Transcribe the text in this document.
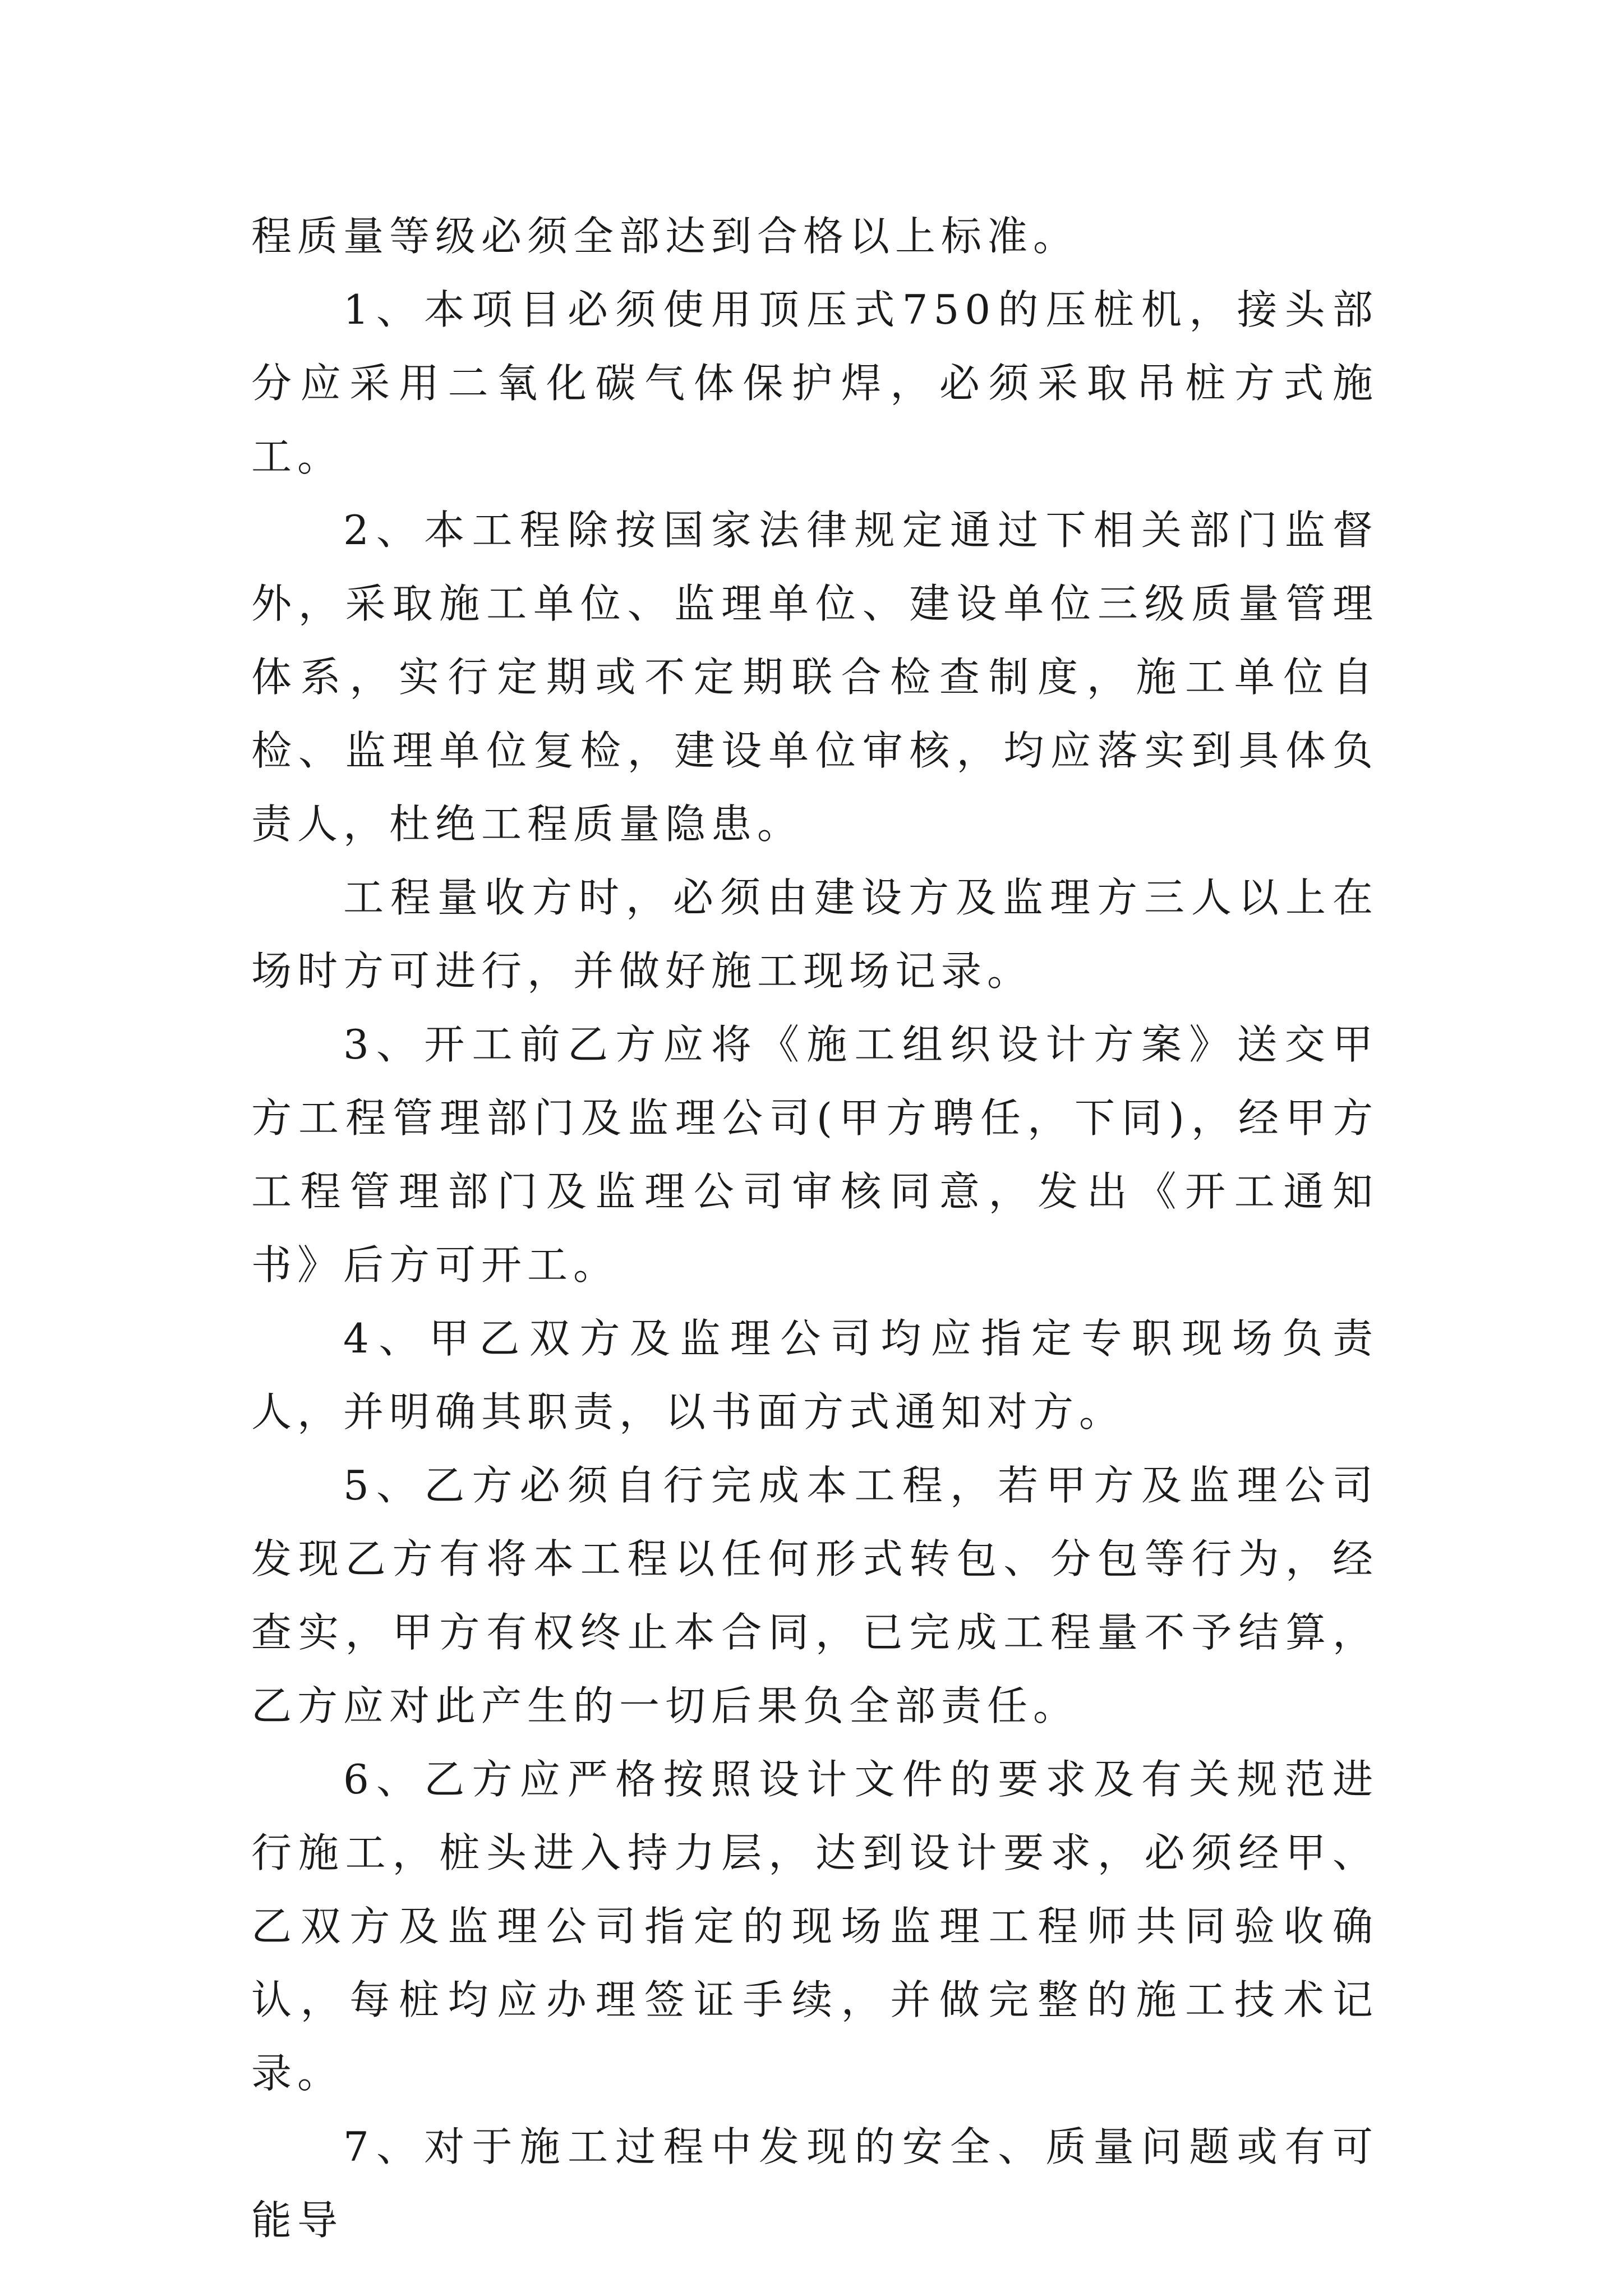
程质量等级必须全部达到合格以上标准。

1、本项目必须使用顶压式750的压桩机，接头部分应采用二氧化碳气体保护焊，必须采取吊桩方式施工。

2、本工程除按国家法律规定通过下相关部门监督外，采取施工单位、监理单位、建设单位三级质量管理体系，实行定期或不定期联合检查制度，施工单位自检、监理单位复检，建设单位审核，均应落实到具体负责人，杜绝工程质量隐患。

工程量收方时，必须由建设方及监理方三人以上在场时方可进行，并做好施工现场记录。

3、开工前乙方应将《施工组织设计方案》送交甲方工程管理部门及监理公司(甲方聘任，下同)，经甲方工程管理部门及监理公司审核同意，发出《开工通知书》后方可开工。

4、甲乙双方及监理公司均应指定专职现场负责人，并明确其职责，以书面方式通知对方。

5、乙方必须自行完成本工程，若甲方及监理公司发现乙方有将本工程以任何形式转包、分包等行为，经查实，甲方有权终止本合同，已完成工程量不予结算，乙方应对此产生的一切后果负全部责任。

6、乙方应严格按照设计文件的要求及有关规范进行施工，桩头进入持力层，达到设计要求，必须经甲、乙双方及监理公司指定的现场监理工程师共同验收确认，每桩均应办理签证手续，并做完整的施工技术记录。

7、对于施工过程中发现的安全、质量问题或有可能导
